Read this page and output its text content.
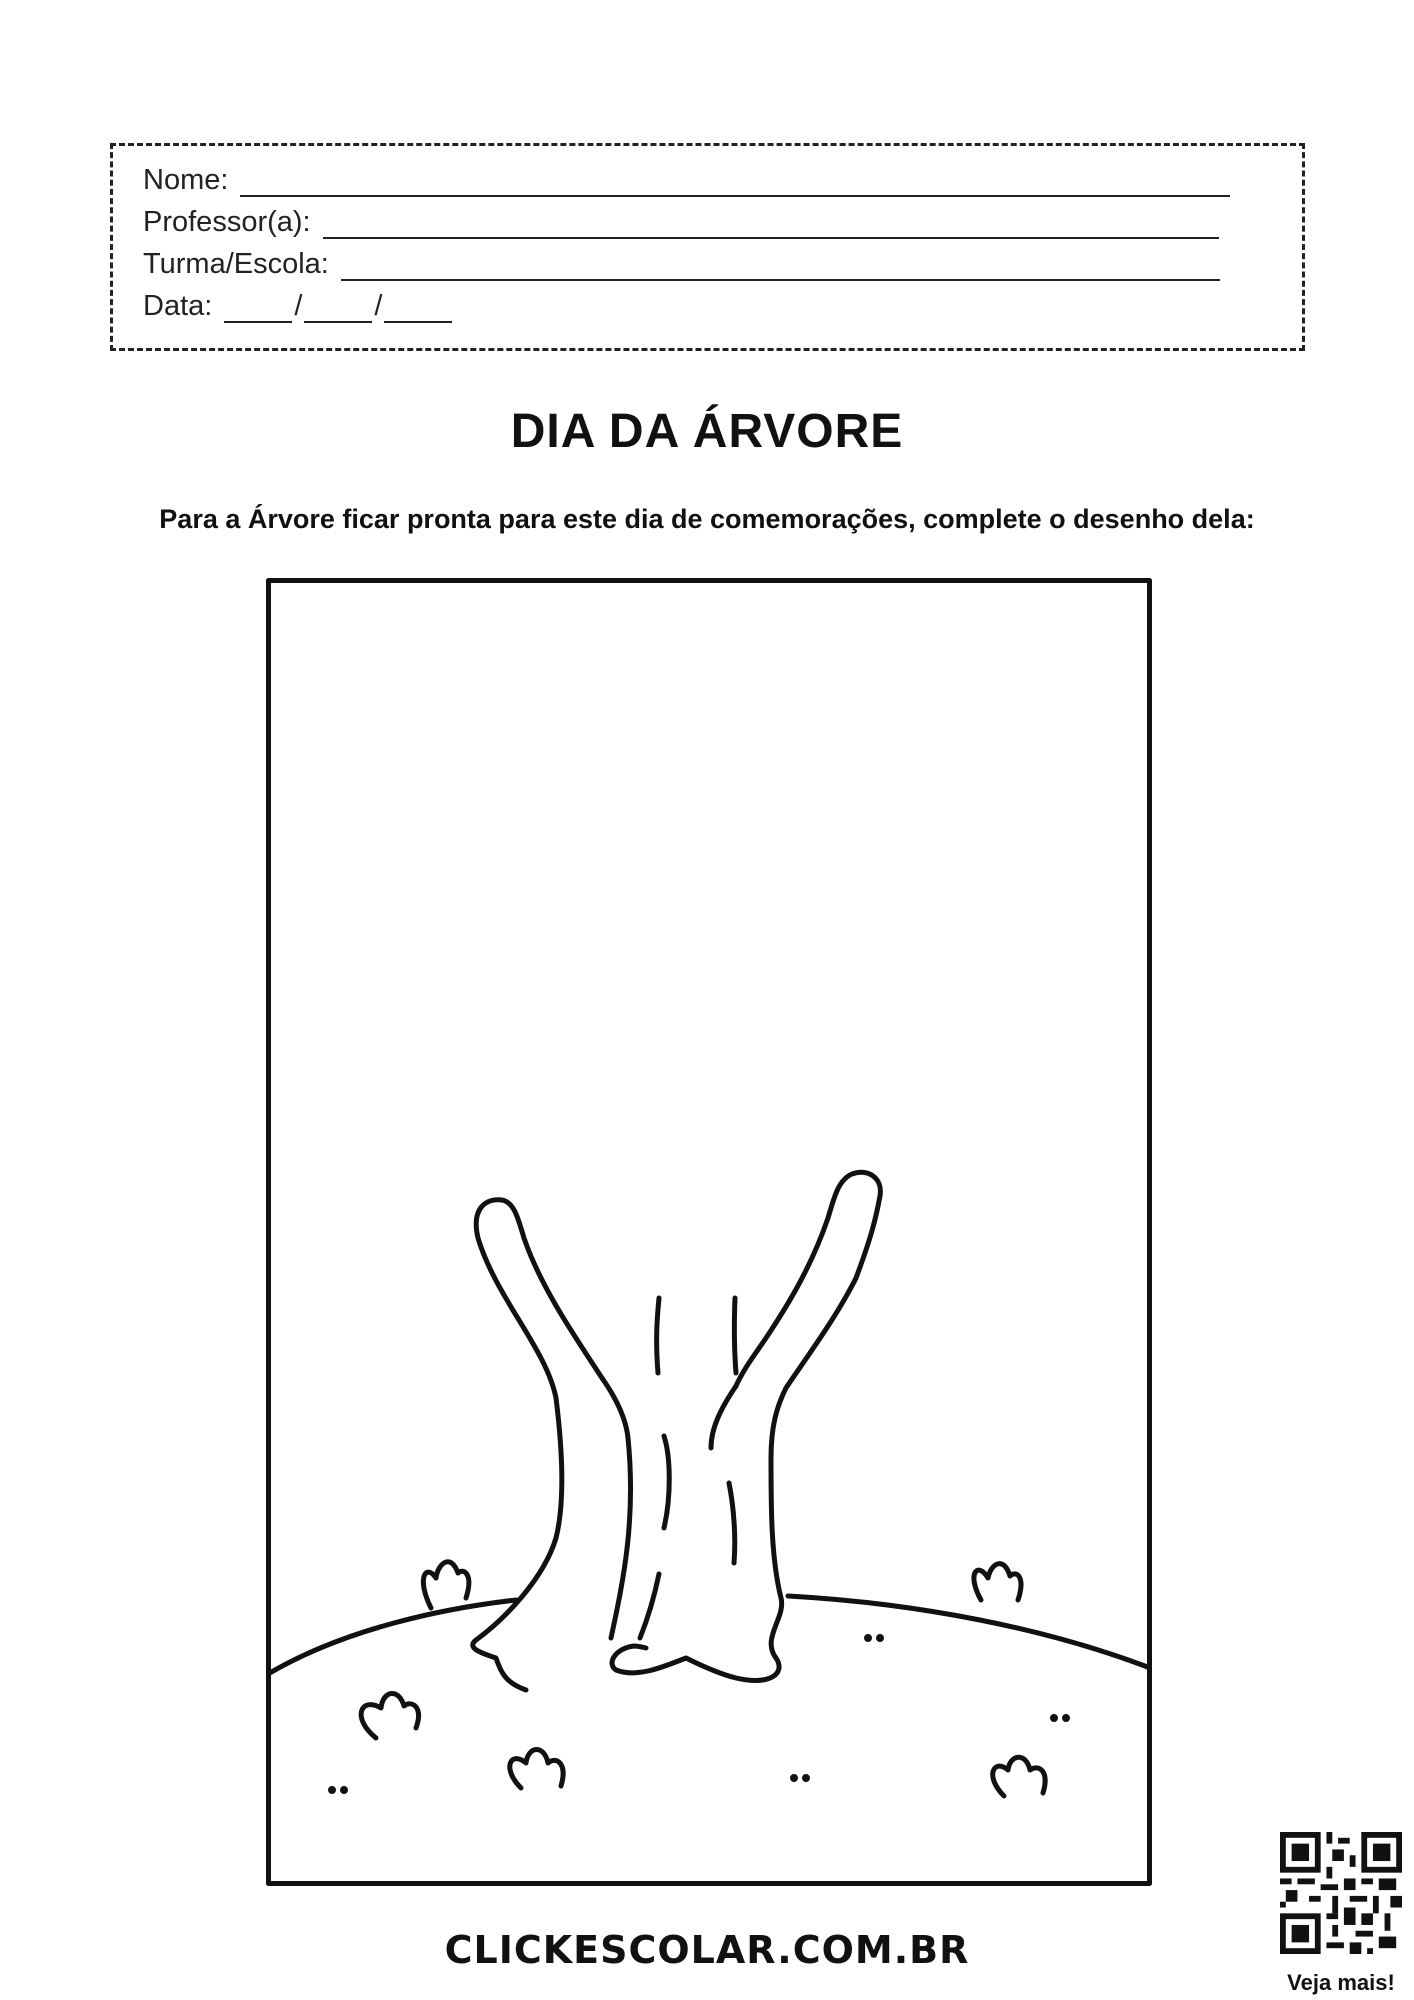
Nome:
Professor(a):
Turma/Escola:
Data:	/ /
DIA DA ÁRVORE
Para a Árvore ficar pronta para este dia de comemorações, complete o desenho dela:
CLICKESCOLAR.COM.BR
Veja mais!
